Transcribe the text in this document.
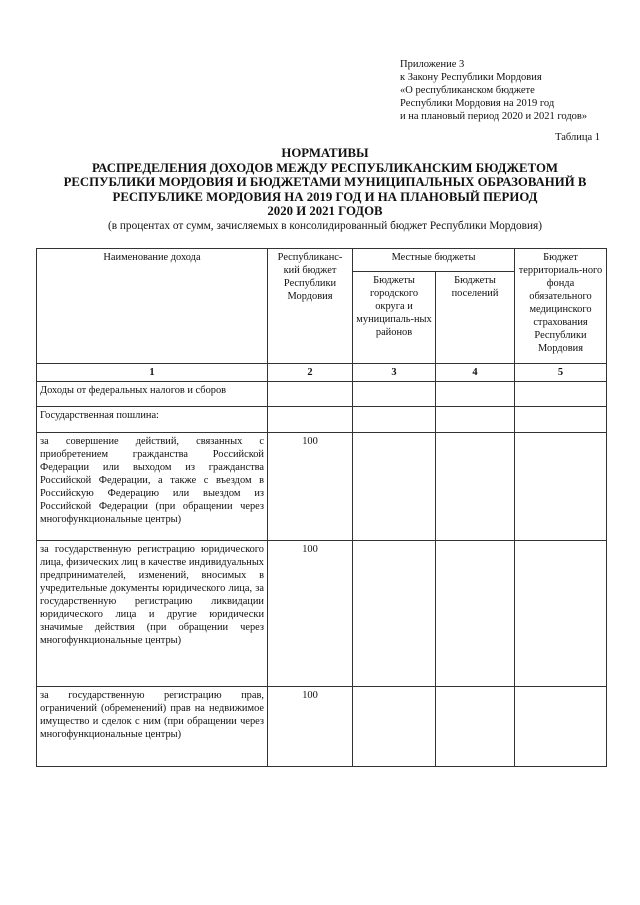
Приложение 3
к Закону Республики Мордовия
«О республиканском бюджете
Республики Мордовия на 2019 год
и на плановый период 2020 и 2021 годов»
Таблица 1
НОРМАТИВЫ
РАСПРЕДЕЛЕНИЯ ДОХОДОВ МЕЖДУ РЕСПУБЛИКАНСКИМ БЮДЖЕТОМ
РЕСПУБЛИКИ МОРДОВИЯ И БЮДЖЕТАМИ МУНИЦИПАЛЬНЫХ ОБРАЗОВАНИЙ В
РЕСПУБЛИКЕ МОРДОВИЯ НА 2019 ГОД И НА ПЛАНОВЫЙ ПЕРИОД
2020 И 2021 ГОДОВ
(в процентах от сумм, зачисляемых в консолидированный бюджет Республики Мордовия)
Наименование дохода	Республиканс-кий бюджет Республики Мордовия	Местные бюджеты		Бюджет территориаль-ного фонда обязательного медицинского страхования Республики Мордовия
		Бюджеты городского округа и муниципаль-ных районов	Бюджеты поселений	
1	2	3	4	5
Доходы от федеральных налогов и сборов				
Государственная пошлина:				
за совершение действий, связанных с приобретением гражданства Российской Федерации или выходом из гражданства Российской Федерации, а также с въездом в Российскую Федерацию или выездом из Российской Федерации (при обращении через многофункциональные центры)	100			
за государственную регистрацию юридического лица, физических лиц в качестве индивидуальных предпринимателей, изменений, вносимых в учредительные документы юридического лица, за государственную регистрацию ликвидации юридического лица и другие юридически значимые действия (при обращении через многофункциональные центры)	100			
за государственную регистрацию прав, ограничений (обременений) прав на недвижимое имущество и сделок с ним (при обращении через многофункциональные центры)	100			
